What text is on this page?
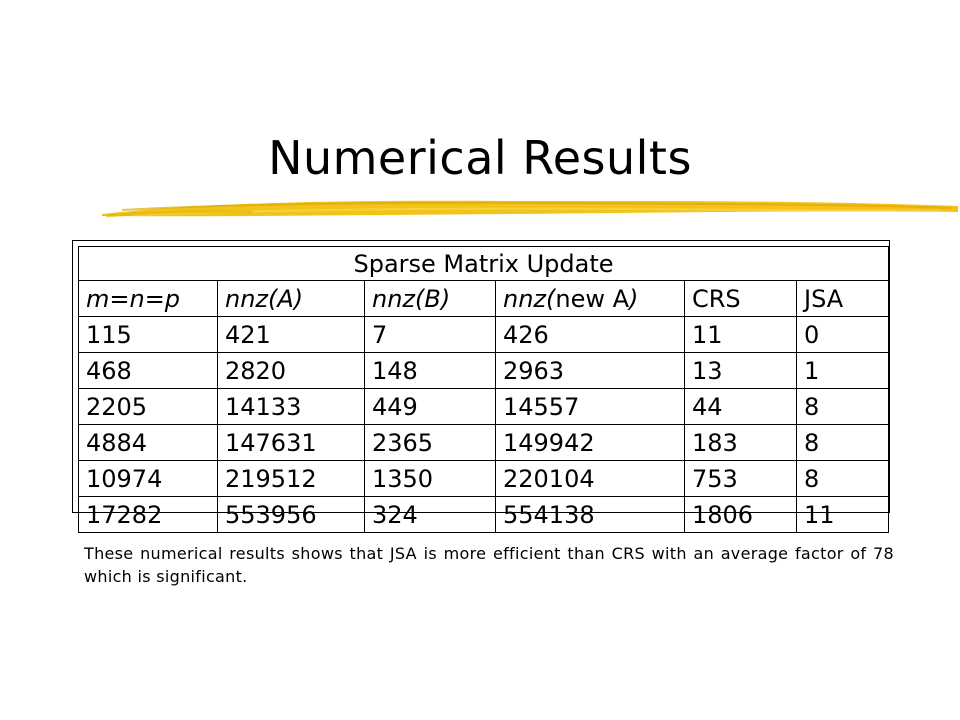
Numerical Results
Sparse Matrix Update					
m=n=p	nnz(A)	nnz(B)	nnz(new A)	CRS	JSA
115	421	7	426	11	0
468	2820	148	2963	13	1
2205	14133	449	14557	44	8
4884	147631	2365	149942	183	8
10974	219512	1350	220104	753	8
17282	553956	324	554138	1806	11
These numerical results shows that JSA is more efficient than CRS with an average factor of 78 which is significant.
